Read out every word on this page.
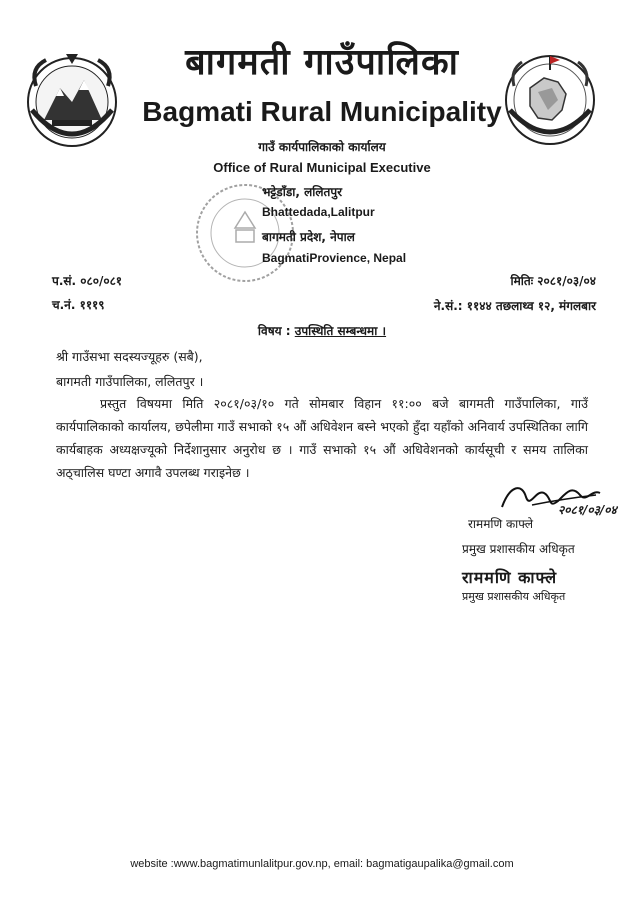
बागमती गाउँपालिका
Bagmati Rural Municipality
गाउँ कार्यपालिकाको कार्यालय
Office of Rural Municipal Executive
भट्टेडाँडा, ललितपुर
Bhattedada,Lalitpur
बागमती प्रदेश, नेपाल
BagmatiProvience, Nepal
प.सं. ०८०/०८१
च.नं. १११९
मितिः २०८१/०३/०४
ने.सं.: ११४४ तछलाथ्व १२, मंगलबार
विषय : उपस्थिति सम्बन्धमा ।
श्री गाउँसभा सदस्यज्यूहरु (सबै),
बागमती गाउँपालिका, ललितपुर ।
प्रस्तुत विषयमा मिति २०८१/०३/१० गते सोमबार विहान ११:०० बजे बागमती गाउँपालिका, गाउँ कार्यपालिकाको कार्यालय, छपेलीमा गाउँ सभाको १५ औं अधिवेशन बस्ने भएको हुँदा यहाँको अनिवार्य उपस्थितिका लागि कार्यबाहक अध्यक्षज्यूको निर्देशानुसार अनुरोध छ । गाउँ सभाको १५ औं अधिवेशनको कार्यसूची र समय तालिका अठ्चालिस घण्टा अगावै उपलब्ध गराइनेछ ।
२०८१/०३/०४
राममणि काफ्ले
प्रमुख प्रशासकीय अधिकृत
राममणि काफ्ले
प्रमुख प्रशासकीय अधिकृत
website :www.bagmatimunlalitpur.gov.np, email: bagmatigaupalika@gmail.com
